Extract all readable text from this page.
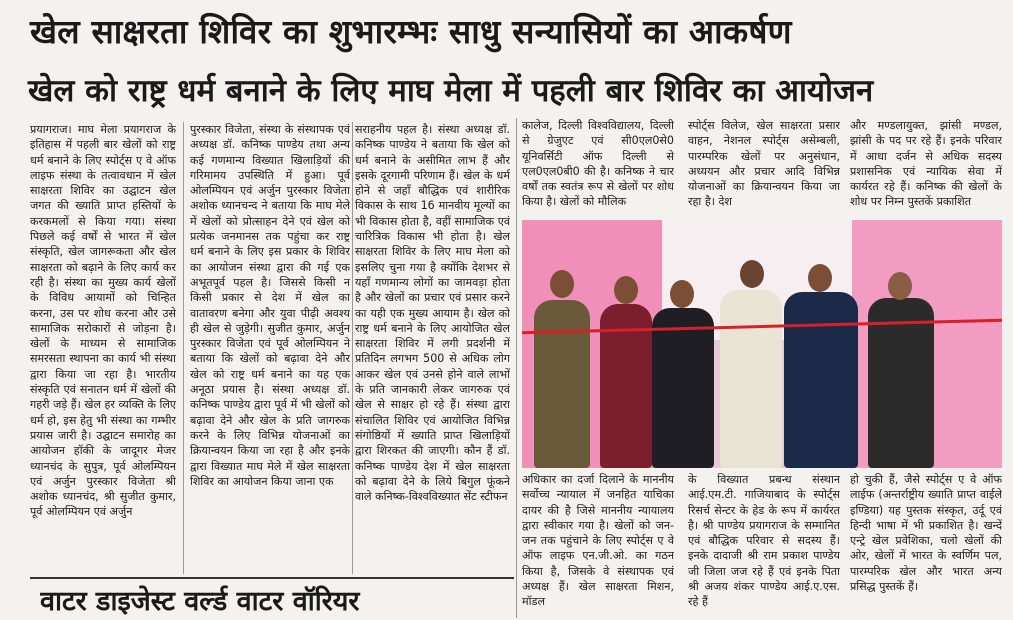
खेल साक्षरता शिविर का शुभारम्भः साधु सन्यासियों का आकर्षण
खेल को राष्ट्र धर्म बनाने के लिए माघ मेला में पहली बार शिविर का आयोजन

प्रयागराज। माघ मेला प्रयागराज के इतिहास में पहली बार खेलों को राष्ट्र धर्म बनाने के लिए स्पोर्ट्स ए वे ऑफ लाइफ संस्था के तत्वावधान में खेल साक्षरता शिविर का उद्घाटन खेल जगत की ख्याति प्राप्त हस्तियों के करकमलों से किया गया। संस्था पिछले कई वर्षों से भारत में खेल संस्कृति, खेल जागरूकता और खेल साक्षरता को बढ़ाने के लिए कार्य कर रही है। संस्था का मुख्य कार्य खेलों के विविध आयामों को चिन्हित करना, उस पर शोध करना और उसे सामाजिक सरोकारों से जोड़ना है। खेलों के माध्यम से सामाजिक समरसता स्थापना का कार्य भी संस्था द्वारा किया जा रहा है। भारतीय संस्कृति एवं सनातन धर्म में खेलों की गहरी जड़े हैं। खेल हर व्यक्ति के लिए धर्म हो, इस हेतु भी संस्था का गम्भीर प्रयास जारी है। उद्घाटन समारोह का आयोजन हॉकी के जादूगर मेजर ध्यानचंद के सुपुत्र, पूर्व ओलम्पियन एवं अर्जुन पुरस्कार विजेता श्री अशोक ध्यानचंद, श्री सुजीत कुमार, पूर्व ओलम्पियन एवं अर्जुन

पुरस्कार विजेता, संस्था के संस्थापक एवं अध्यक्ष डॉ. कनिष्क पाण्डेय तथा अन्य कई गणमान्य विख्यात खिलाड़ियों की गरिमामय उपस्थिति में हुआ। पूर्व ओलम्पियन एवं अर्जुन पुरस्कार विजेता अशोक ध्यानचन्द ने बताया कि माघ मेले में खेलों को प्रोत्साहन देने एवं खेल को प्रत्येक जनमानस तक पहुंचा कर राष्ट्र धर्म बनाने के लिए इस प्रकार के शिविर का आयोजन संस्था द्वारा की गई एक अभूतपूर्व पहल है। जिससे किसी न किसी प्रकार से देश में खेल का वातावरण बनेगा और युवा पीढ़ी अवश्य ही खेल से जुड़ेगी। सुजीत कुमार, अर्जुन पुरस्कार विजेता एवं पूर्व ओलम्पियन ने बताया कि खेलों को बढ़ावा देने और खेल को राष्ट्र धर्म बनाने का यह एक अनूठा प्रयास है। संस्था अध्यक्ष डॉ. कनिष्क पाण्डेय द्वारा पूर्व में भी खेलों को बढ़ावा देने और खेल के प्रति जागरुक करने के लिए विभिन्न योजनाओं का क्रियान्वयन किया जा रहा है और इनके द्वारा विख्यात माघ मेले में खेल साक्षरता शिविर का आयोजन किया जाना एक

सराहनीय पहल है। संस्था अध्यक्ष डॉ. कनिष्क पाण्डेय ने बताया कि खेल को धर्म बनाने के असीमित लाभ हैं और इसके दूरगामी परिणाम हैं। खेल के धर्म होने से जहाँ बौद्धिक एवं शारीरिक विकास के साथ 16 मानवीय मूल्यों का भी विकास होता है, वहीं सामाजिक एवं चारित्रिक विकास भी होता है। खेल साक्षरता शिविर के लिए माघ मेला को इसलिए चुना गया है क्योंकि देशभर से यहाँ गणमान्य लोगों का जामवड़ा होता है और खेलों का प्रचार एवं प्रसार करने का यही एक मुख्य आयाम है। खेल को राष्ट्र धर्म बनाने के लिए आयोजित खेल साक्षरता शिविर में लगी प्रदर्शनी में प्रतिदिन लगभग 500 से अधिक लोग आकर खेल एवं उनसे होने वाले लाभों के प्रति जानकारी लेकर जागरुक एवं खेल से साक्षर हो रहे हैं। संस्था द्वारा संचालित शिविर एवं आयोजित विभिन्न संगोष्ठियों में ख्याति प्राप्त खिलाड़ियों द्वारा शिरकत की जाएगी। कौन हैं डॉ. कनिष्क पाण्डेय देश में खेल साक्षरता को बढ़ावा देने के लिये बिगुल फूंकने वाले कनिष्क-विश्वविख्यात सेंट स्टीफन

कालेज, दिल्ली विश्वविद्यालय, दिल्ली से ग्रेजुएट एवं सी0एल0से0 यूनिवर्सिटी ऑफ दिल्ली से एल0एल0बी0 की है। कनिष्क ने चार वर्षों तक स्वतंत्र रूप से खेलों पर शोध किया है। खेलों को मौलिक

स्पोर्ट्स विलेज, खेल साक्षरता प्रसार वाहन, नेशनल स्पोर्ट्स असेम्बली, पारम्परिक खेलों पर अनुसंधान, अध्ययन और प्रचार आदि विभिन्न योजनाओं का क्रियान्वयन किया जा रहा है। देश

और मण्डलायुक्त, झांसी मण्डल, झांसी के पद पर रहे हैं। इनके परिवार में आधा दर्जन से अधिक सदस्य प्रशासनिक एवं न्यायिक सेवा में कार्यरत रहे हैं। कनिष्क की खेलों के शोध पर निम्न पुस्तकें प्रकाशित

अधिकार का दर्जा दिलाने के माननीय सर्वोच्च न्यायाल में जनहित याचिका दायर की है जिसे माननीय न्यायालय द्वारा स्वीकार गया है। खेलों को जन-जन तक पहुंचाने के लिए स्पोर्ट्स ए वे ऑफ लाइफ एन.जी.ओ. का गठन किया है, जिसके वे संस्थापक एवं अध्यक्ष हैं। खेल साक्षरता मिशन, मॉडल

के विख्यात प्रबन्ध संस्थान आई.एम.टी. गाजियाबाद के स्पोर्ट्स रिसर्च सेन्टर के हेड के रूप में कार्यरत है। श्री पाण्डेय प्रयागराज के सम्मानित एवं बौद्धिक परिवार से सदस्य हैं। इनके दादाजी श्री राम प्रकाश पाण्डेय जी जिला जज रहे हैं एवं इनके पिता श्री अजय शंकर पाण्डेय आई.ए.एस. रहे हैं

हो चुकी हैं, जैसे स्पोर्ट्स ए वे ऑफ लाईफ (अन्तर्राष्ट्रीय ख्याति प्राप्त वाईले इण्डिया) यह पुस्तक संस्कृत, उर्दू एवं हिन्दी भाषा में भी प्रकाशित है। खन्दें एन्ट्रे खेल प्रवेशिका, चलो खेलों की ओर, खेलों में भारत के स्वर्णिम पल, पारम्परिक खेल और भारत अन्य प्रसिद्ध पुस्तकें हैं।

वाटर डाइजेस्ट वर्ल्ड वाटर वॉरियर
